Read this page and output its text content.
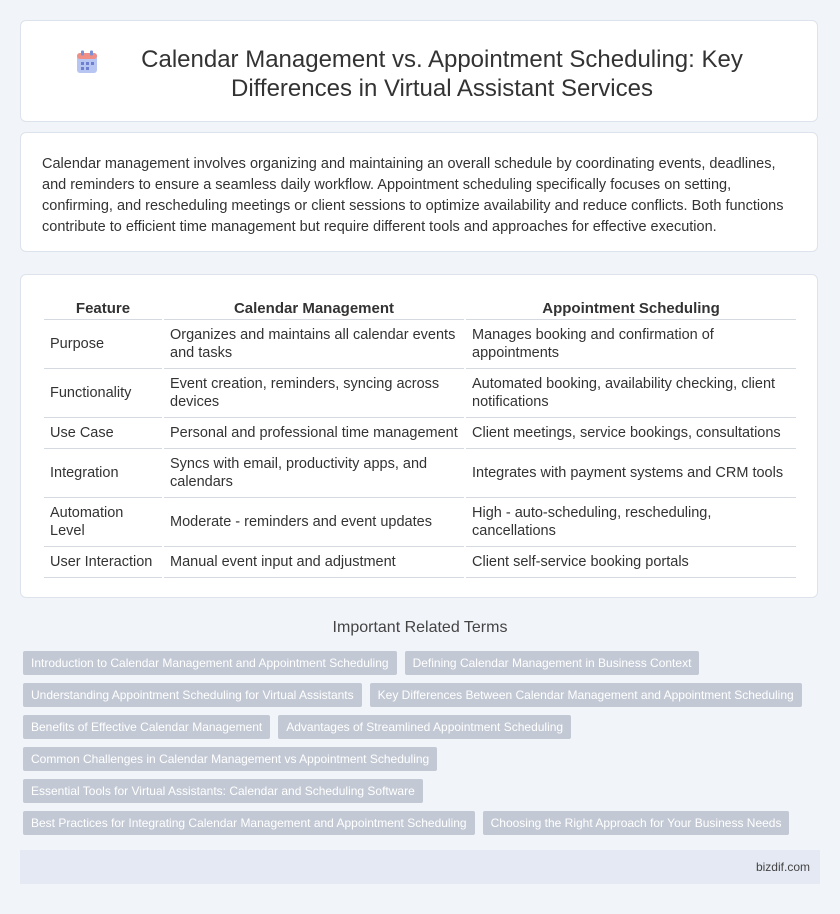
Calendar Management vs. Appointment Scheduling: Key Differences in Virtual Assistant Services

Calendar management involves organizing and maintaining an overall schedule by coordinating events, deadlines, and reminders to ensure a seamless daily workflow. Appointment scheduling specifically focuses on setting, confirming, and rescheduling meetings or client sessions to optimize availability and reduce conflicts. Both functions contribute to efficient time management but require different tools and approaches for effective execution.

Feature	Calendar Management	Appointment Scheduling
Purpose	Organizes and maintains all calendar events and tasks	Manages booking and confirmation of appointments
Functionality	Event creation, reminders, syncing across devices	Automated booking, availability checking, client notifications
Use Case	Personal and professional time management	Client meetings, service bookings, consultations
Integration	Syncs with email, productivity apps, and calendars	Integrates with payment systems and CRM tools
Automation Level	Moderate - reminders and event updates	High - auto-scheduling, rescheduling, cancellations
User Interaction	Manual event input and adjustment	Client self-service booking portals
Important Related Terms
Introduction to Calendar Management and Appointment Scheduling	Defining Calendar Management in Business Context
Understanding Appointment Scheduling for Virtual Assistants	Key Differences Between Calendar Management and Appointment Scheduling
Benefits of Effective Calendar Management	Advantages of Streamlined Appointment Scheduling
Common Challenges in Calendar Management vs Appointment Scheduling
Essential Tools for Virtual Assistants: Calendar and Scheduling Software
Best Practices for Integrating Calendar Management and Appointment Scheduling	Choosing the Right Approach for Your Business Needs
bizdif.com
